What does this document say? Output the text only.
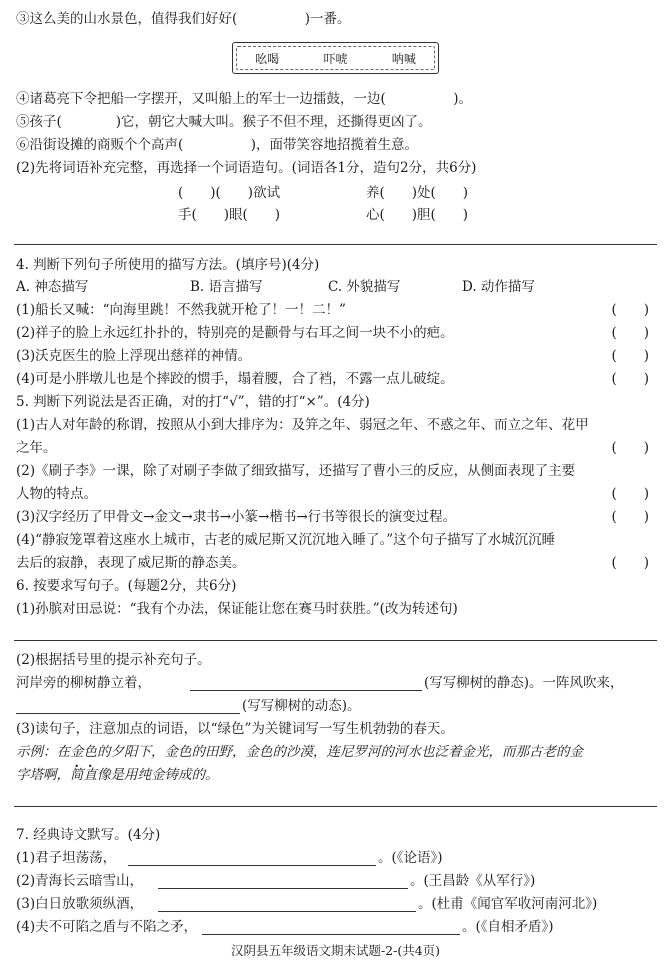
③这么美的山水景色，值得我们好好(　　　　　)一番。
吆喝	吓唬	呐喊
④诸葛亮下令把船一字摆开，又叫船上的军士一边擂鼓，一边(　　　　　)。
⑤孩子(　　　　)它，朝它大喊大叫。猴子不但不理，还撕得更凶了。
⑥沿街设摊的商贩个个高声(　　　　　)，面带笑容地招揽着生意。
(2)先将词语补充完整，再选择一个词语造句。(词语各1分，造句2分，共6分)
(　　)(　　)欲试	养(　　)处(　　)
手(　　)眼(　　)	心(　　)胆(　　)
4. 判断下列句子所使用的描写方法。(填序号)(4分)
A. 神态描写	B. 语言描写	C. 外貌描写	D. 动作描写
(1)船长又喊：“向海里跳！不然我就开枪了！一！二！”	(　　)
(2)祥子的脸上永远红扑扑的，特别亮的是颧骨与右耳之间一块不小的疤。	(　　)
(3)沃克医生的脸上浮现出慈祥的神情。	(　　)
(4)可是小胖墩儿也是个摔跤的惯手，塌着腰，合了裆，不露一点儿破绽。	(　　)
5. 判断下列说法是否正确，对的打“√”，错的打“×”。(4分)
(1)古人对年龄的称谓，按照从小到大排序为：及笄之年、弱冠之年、不惑之年、而立之年、花甲
之年。	(　　)
(2)《刷子李》一课，除了对刷子李做了细致描写，还描写了曹小三的反应，从侧面表现了主要
人物的特点。	(　　)
(3)汉字经历了甲骨文→金文→隶书→小篆→楷书→行书等很长的演变过程。	(　　)
(4)“静寂笼罩着这座水上城市，古老的威尼斯又沉沉地入睡了。”这个句子描写了水城沉沉睡
去后的寂静，表现了威尼斯的静态美。	(　　)
6. 按要求写句子。(每题2分，共6分)
(1)孙膑对田忌说：“我有个办法，保证能让您在赛马时获胜。”(改为转述句)
(2)根据括号里的提示补充句子。
河岸旁的柳树静立着，	(写写柳树的静态)。一阵风吹来，
(写写柳树的动态)。
(3)读句子，注意加点的词语，以“绿色”为关键词写一写生机勃勃的春天。
示例：在金色的夕阳下，金色的田野，金色的沙漠，连尼罗河的河水也泛着金光，而那古老的金
字塔啊，简直像是用纯金铸成的。
7. 经典诗文默写。(4分)
(1)君子坦荡荡，	。(《论语》)
(2)青海长云暗雪山，	。(王昌龄《从军行》)
(3)白日放歌须纵酒，	。(杜甫《闻官军收河南河北》)
(4)夫不可陷之盾与不陷之矛，	。(《自相矛盾》)
汉阴县五年级语文期末试题-2-(共4页)
